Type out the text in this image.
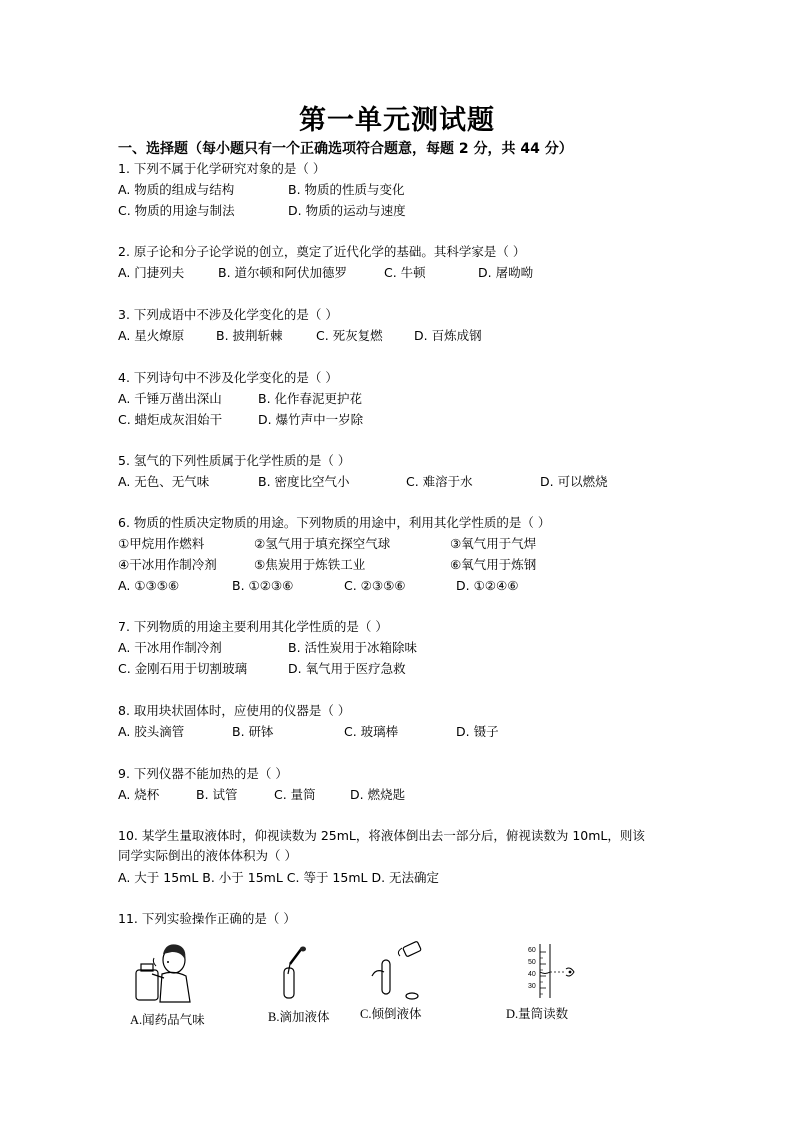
第一单元测试题
一、选择题（每小题只有一个正确选项符合题意，每题 2 分，共 44 分）
1. 下列不属于化学研究对象的是（ ）
A. 物质的组成与结构	B. 物质的性质与变化
C. 物质的用途与制法	D. 物质的运动与速度
2. 原子论和分子论学说的创立，奠定了近代化学的基础。其科学家是（ ）
A. 门捷列夫	B. 道尔顿和阿伏加德罗	C. 牛顿	D. 屠呦呦
3. 下列成语中不涉及化学变化的是（ ）
A. 星火燎原	B. 披荆斩棘	C. 死灰复燃	D. 百炼成钢
4. 下列诗句中不涉及化学变化的是（ ）
A. 千锤万凿出深山	B. 化作春泥更护花
C. 蜡炬成灰泪始干	D. 爆竹声中一岁除
5. 氢气的下列性质属于化学性质的是（ ）
A. 无色、无气味	B. 密度比空气小	C. 难溶于水	D. 可以燃烧
6. 物质的性质决定物质的用途。下列物质的用途中，利用其化学性质的是（ ）
①甲烷用作燃料	②氢气用于填充探空气球	③氧气用于气焊
④干冰用作制冷剂	⑤焦炭用于炼铁工业	⑥氧气用于炼钢
A. ①③⑤⑥	B. ①②③⑥	C. ②③⑤⑥	D. ①②④⑥
7. 下列物质的用途主要利用其化学性质的是（ ）
A. 干冰用作制冷剂	B. 活性炭用于冰箱除味
C. 金刚石用于切割玻璃	D. 氧气用于医疗急救
8. 取用块状固体时，应使用的仪器是（ ）
A. 胶头滴管	B. 研钵	C. 玻璃棒	D. 镊子
9. 下列仪器不能加热的是（ ）
A. 烧杯	B. 试管	C. 量筒	D. 燃烧匙
10. 某学生量取液体时，仰视读数为 25mL，将液体倒出去一部分后，俯视读数为 10mL，则该
同学实际倒出的液体体积为（ ）
A. 大于 15mL B. 小于 15mL C. 等于 15mL D. 无法确定
11. 下列实验操作正确的是（ ）
A.闻药品气味	B.滴加液体 C.倾倒液体
60
50
40
30
D.量筒读数
